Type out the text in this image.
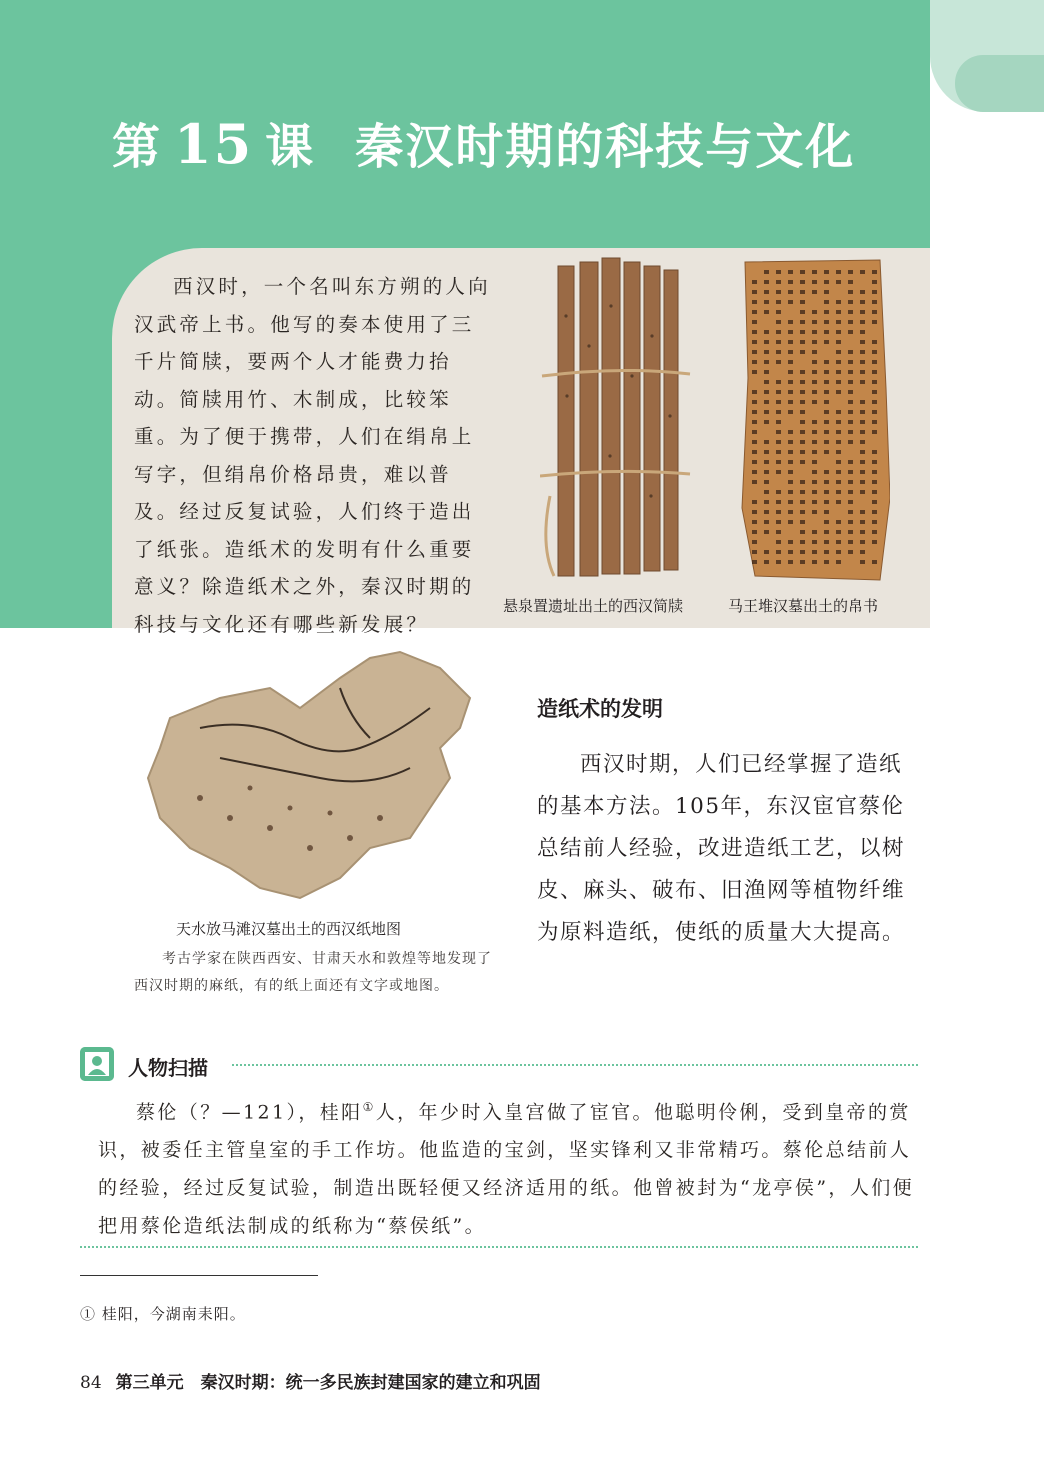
第 15 课 秦汉时期的科技与文化
西汉时，一个名叫东方朔的人向汉武帝上书。他写的奏本使用了三千片简牍，要两个人才能费力抬动。简牍用竹、木制成，比较笨重。为了便于携带，人们在绢帛上写字，但绢帛价格昂贵，难以普及。经过反复试验，人们终于造出了纸张。造纸术的发明有什么重要意义？除造纸术之外，秦汉时期的科技与文化还有哪些新发展？
悬泉置遗址出土的西汉简牍	马王堆汉墓出土的帛书
天水放马滩汉墓出土的西汉纸地图
考古学家在陕西西安、甘肃天水和敦煌等地发现了西汉时期的麻纸，有的纸上面还有文字或地图。
造纸术的发明
西汉时期，人们已经掌握了造纸的基本方法。105年，东汉宦官蔡伦总结前人经验，改进造纸工艺，以树皮、麻头、破布、旧渔网等植物纤维为原料造纸，使纸的质量大大提高。
人物扫描
蔡伦（？—121），桂阳①人，年少时入皇宫做了宦官。他聪明伶俐，受到皇帝的赏识，被委任主管皇室的手工作坊。他监造的宝剑，坚实锋利又非常精巧。蔡伦总结前人的经验，经过反复试验，制造出既轻便又经济适用的纸。他曾被封为“龙亭侯”，人们便把用蔡伦造纸法制成的纸称为“蔡侯纸”。
① 桂阳，今湖南耒阳。
84 第三单元　秦汉时期：统一多民族封建国家的建立和巩固
